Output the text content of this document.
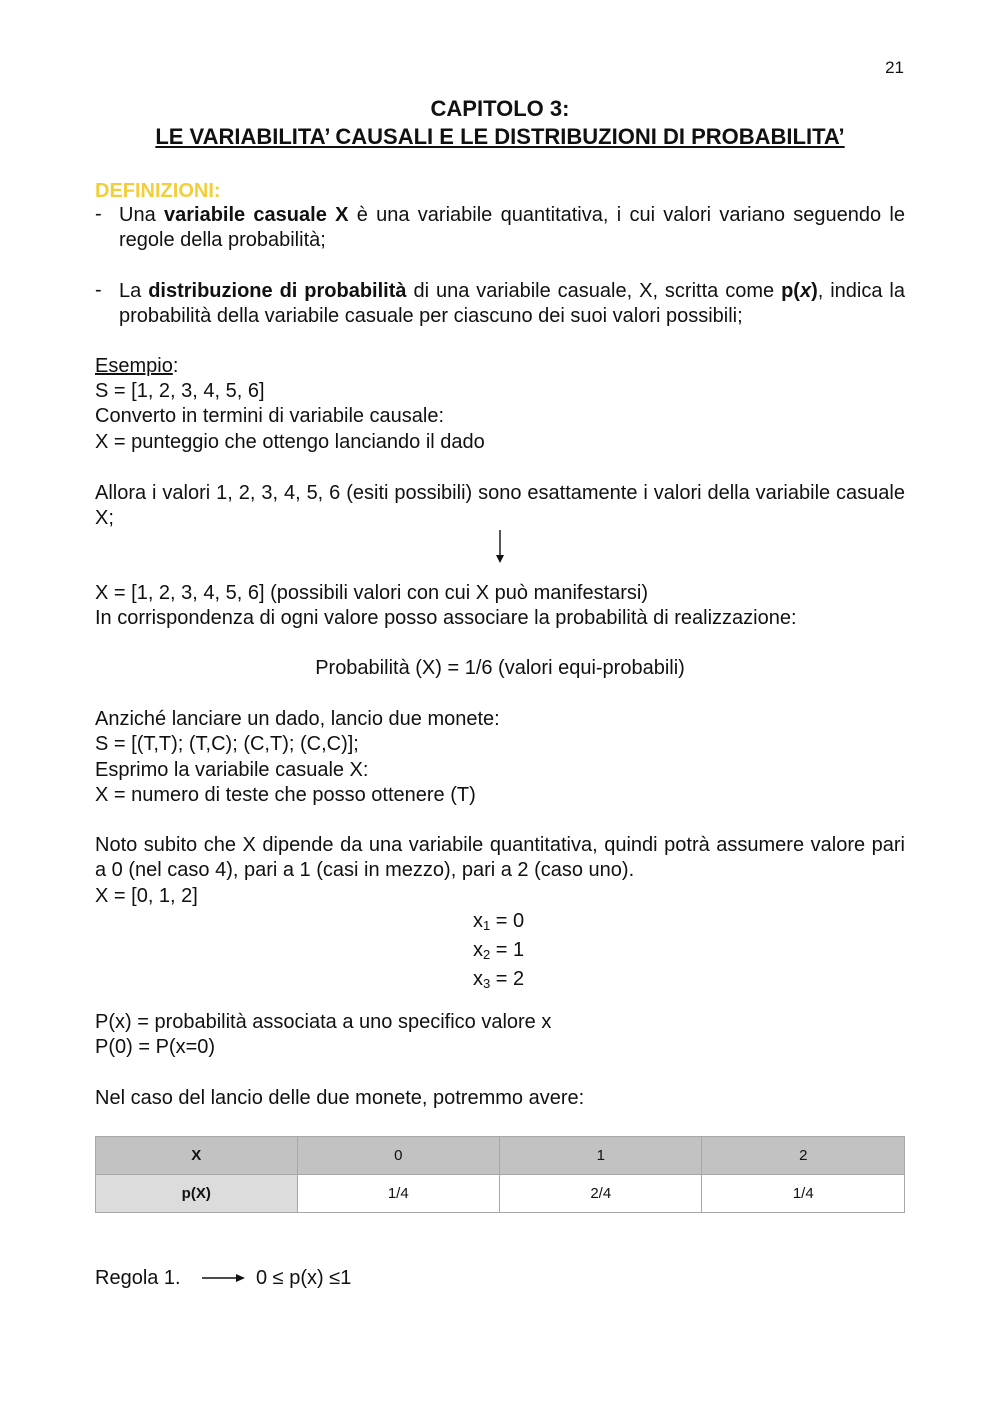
21
CAPITOLO 3:
LE VARIABILITA’ CAUSALI E LE DISTRIBUZIONI DI PROBABILITA’
DEFINIZIONI:
- Una variabile casuale X è una variabile quantitativa, i cui valori variano seguendo le regole della probabilità;
- La distribuzione di probabilità di una variabile casuale, X, scritta come p(x), indica la probabilità della variabile casuale per ciascuno dei suoi valori possibili;
Esempio:
S = [1, 2, 3, 4, 5, 6]
Converto in termini di variabile causale:
X = punteggio che ottengo lanciando il dado
Allora i valori 1, 2, 3, 4, 5, 6 (esiti possibili) sono esattamente i valori della variabile casuale X;
X = [1, 2, 3, 4, 5, 6] (possibili valori con cui X può manifestarsi)
In corrispondenza di ogni valore posso associare la probabilità di realizzazione:
Probabilità (X) = 1/6 (valori equi-probabili)
Anziché lanciare un dado, lancio due monete:
S = [(T,T); (T,C); (C,T); (C,C)];
Esprimo la variabile casuale X:
X = numero di teste che posso ottenere (T)
Noto subito che X dipende da una variabile quantitativa, quindi potrà assumere valore pari a 0 (nel caso 4), pari a 1 (casi in mezzo), pari a 2 (caso uno).
X = [0, 1, 2]
$x_1 = 0$
$x_2 = 1$
$x_3 = 2$
P(x) = probabilità associata a uno specifico valore x
P(0) = P(x=0)
Nel caso del lancio delle due monete, potremmo avere:
X	0	1	2
p(X)	1/4	2/4	1/4
Regola 1.	0 ≤ p(x) ≤1
